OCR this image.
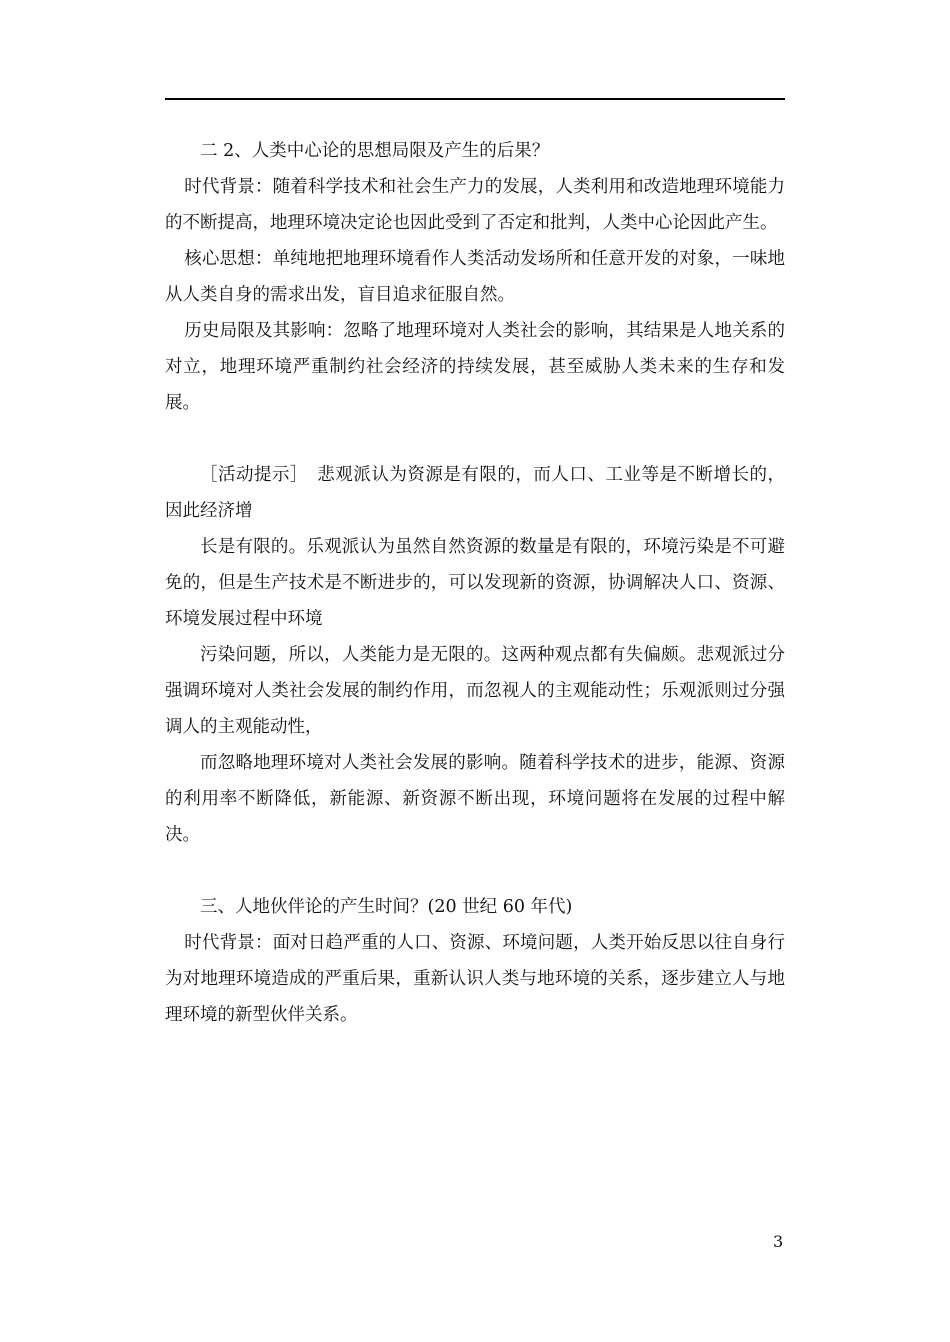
二 2、人类中心论的思想局限及产生的后果？

时代背景：随着科学技术和社会生产力的发展，人类利用和改造地理环境能力的不断提高，地理环境决定论也因此受到了否定和批判，人类中心论因此产生。

核心思想：单纯地把地理环境看作人类活动发场所和任意开发的对象，一味地从人类自身的需求出发，盲目追求征服自然。

历史局限及其影响：忽略了地理环境对人类社会的影响，其结果是人地关系的对立，地理环境严重制约社会经济的持续发展，甚至威胁人类未来的生存和发展。

［活动提示］　悲观派认为资源是有限的，而人口、工业等是不断增长的，因此经济增

长是有限的。乐观派认为虽然自然资源的数量是有限的，环境污染是不可避免的，但是生产技术是不断进步的，可以发现新的资源，协调解决人口、资源、环境发展过程中环境

污染问题，所以，人类能力是无限的。这两种观点都有失偏颇。悲观派过分强调环境对人类社会发展的制约作用，而忽视人的主观能动性；乐观派则过分强调人的主观能动性，

而忽略地理环境对人类社会发展的影响。随着科学技术的进步，能源、资源的利用率不断降低，新能源、新资源不断出现，环境问题将在发展的过程中解决。

三、人地伙伴论的产生时间？(20 世纪 60 年代)

时代背景：面对日趋严重的人口、资源、环境问题，人类开始反思以往自身行为对地理环境造成的严重后果，重新认识人类与地环境的关系，逐步建立人与地理环境的新型伙伴关系。

3
